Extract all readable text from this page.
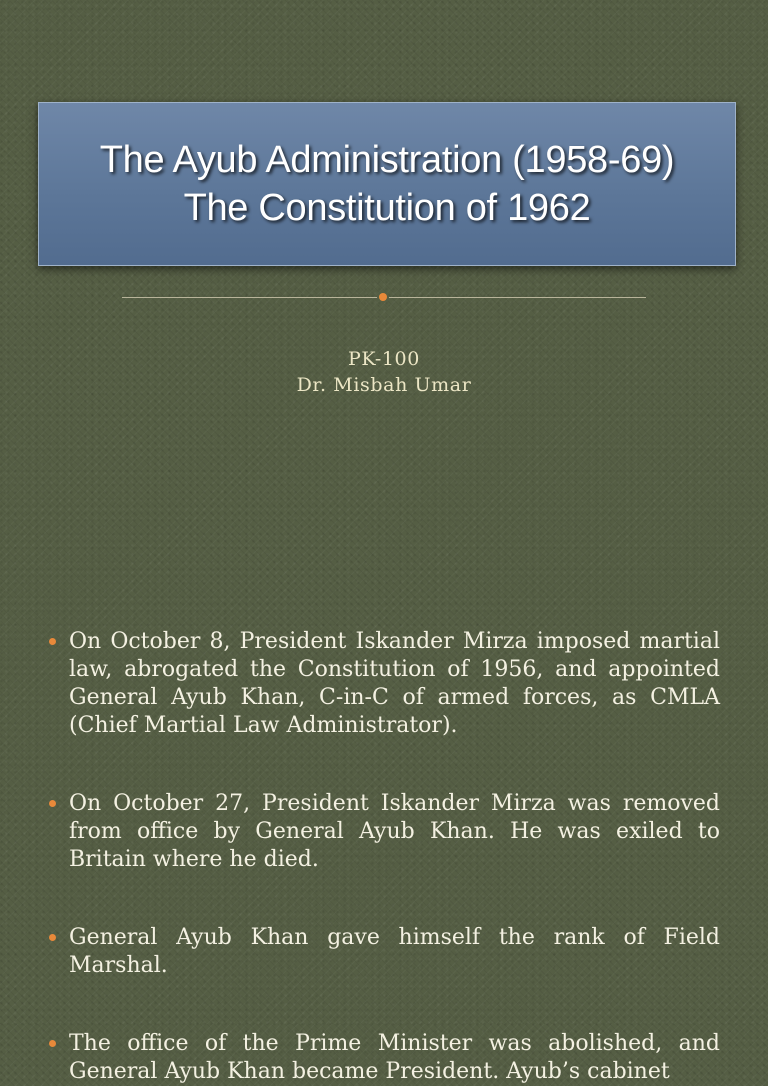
The Ayub Administration (1958-69)
The Constitution of 1962
PK-100
Dr. Misbah Umar
On October 8, President Iskander Mirza imposed martial law, abrogated the Constitution of 1956, and appointed General Ayub Khan, C-in-C of armed forces, as CMLA (Chief Martial Law Administrator).
On October 27, President Iskander Mirza was removed from office by General Ayub Khan. He was exiled to Britain where he died.
General Ayub Khan gave himself the rank of Field Marshal.
The office of the Prime Minister was abolished, and General Ayub Khan became President. Ayub’s cabinet
